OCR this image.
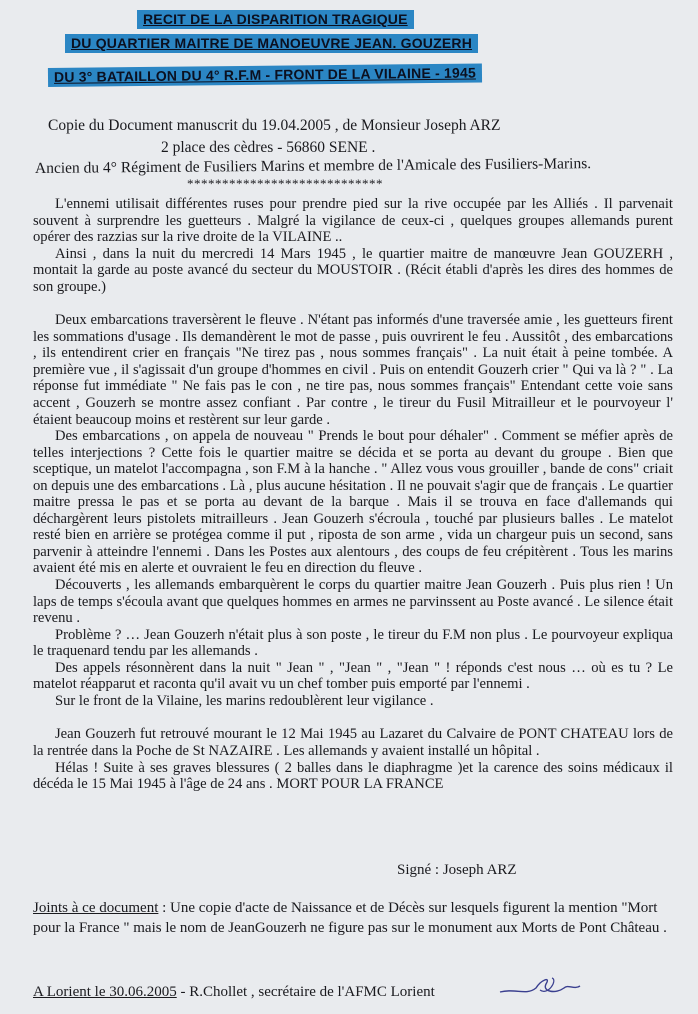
RECIT DE LA DISPARITION TRAGIQUE
DU QUARTIER MAITRE DE MANOEUVRE JEAN. GOUZERH
DU 3° BATAILLON DU 4° R.F.M - FRONT DE LA VILAINE - 1945
Copie du Document manuscrit du 19.04.2005 , de Monsieur Joseph ARZ
2 place des cèdres - 56860 SENE .
Ancien du 4° Régiment de Fusiliers Marins et membre de l'Amicale des Fusiliers-Marins.
****************************

L'ennemi utilisait différentes ruses pour prendre pied sur la rive occupée par les Alliés . Il parvenait souvent à surprendre les guetteurs . Malgré la vigilance de ceux-ci , quelques groupes allemands purent opérer des razzias sur la rive droite de la VILAINE ..

Ainsi , dans la nuit du mercredi 14 Mars 1945 , le quartier maitre de manœuvre Jean GOUZERH , montait la garde au poste avancé du secteur du MOUSTOIR . (Récit établi d'après les dires des hommes de son groupe.)

Deux embarcations traversèrent le fleuve . N'étant pas informés d'une traversée amie , les guetteurs firent les sommations d'usage . Ils demandèrent le mot de passe , puis ouvrirent le feu . Aussitôt , des embarcations , ils entendirent crier en français "Ne tirez pas , nous sommes français" . La nuit était à peine tombée. A première vue , il s'agissait d'un groupe d'hommes en civil . Puis on entendit Gouzerh crier " Qui va là ? " . La réponse fut immédiate " Ne fais pas le con , ne tire pas, nous sommes français" Entendant cette voie sans accent , Gouzerh se montre assez confiant . Par contre , le tireur du Fusil Mitrailleur et le pourvoyeur l' étaient beaucoup moins et restèrent sur leur garde .

Des embarcations , on appela de nouveau " Prends le bout pour déhaler" . Comment se méfier après de telles interjections ? Cette fois le quartier maitre se décida et se porta au devant du groupe . Bien que sceptique, un matelot l'accompagna , son F.M à la hanche . " Allez vous vous grouiller , bande de cons" criait on depuis une des embarcations . Là , plus aucune hésitation . Il ne pouvait s'agir que de français . Le quartier maitre pressa le pas et se porta au devant de la barque . Mais il se trouva en face d'allemands qui déchargèrent leurs pistolets mitrailleurs . Jean Gouzerh s'écroula , touché par plusieurs balles . Le matelot resté bien en arrière se protégea comme il put , riposta de son arme , vida un chargeur puis un second, sans parvenir à atteindre l'ennemi . Dans les Postes aux alentours , des coups de feu crépitèrent . Tous les marins avaient été mis en alerte et ouvraient le feu en direction du fleuve .

Découverts , les allemands embarquèrent le corps du quartier maitre Jean Gouzerh . Puis plus rien ! Un laps de temps s'écoula avant que quelques hommes en armes ne parvinssent au Poste avancé . Le silence était revenu .

Problème ? … Jean Gouzerh n'était plus à son poste , le tireur du F.M non plus . Le pourvoyeur expliqua le traquenard tendu par les allemands .

Des appels résonnèrent dans la nuit " Jean " , "Jean " , "Jean " ! réponds c'est nous … où es tu ? Le matelot réapparut et raconta qu'il avait vu un chef tomber puis emporté par l'ennemi .

Sur le front de la Vilaine, les marins redoublèrent leur vigilance .

Jean Gouzerh fut retrouvé mourant le 12 Mai 1945 au Lazaret du Calvaire de PONT CHATEAU lors de la rentrée dans la Poche de St NAZAIRE . Les allemands y avaient installé un hôpital .

Hélas ! Suite à ses graves blessures ( 2 balles dans le diaphragme )et la carence des soins médicaux il décéda le 15 Mai 1945 à l'âge de 24 ans . MORT POUR LA FRANCE

Signé : Joseph ARZ
Joints à ce document : Une copie d'acte de Naissance et de Décès sur lesquels figurent la mention "Mort pour la France " mais le nom de JeanGouzerh ne figure pas sur le monument aux Morts de Pont Château .
A Lorient le 30.06.2005 - R.Chollet , secrétaire de l'AFMC Lorient
